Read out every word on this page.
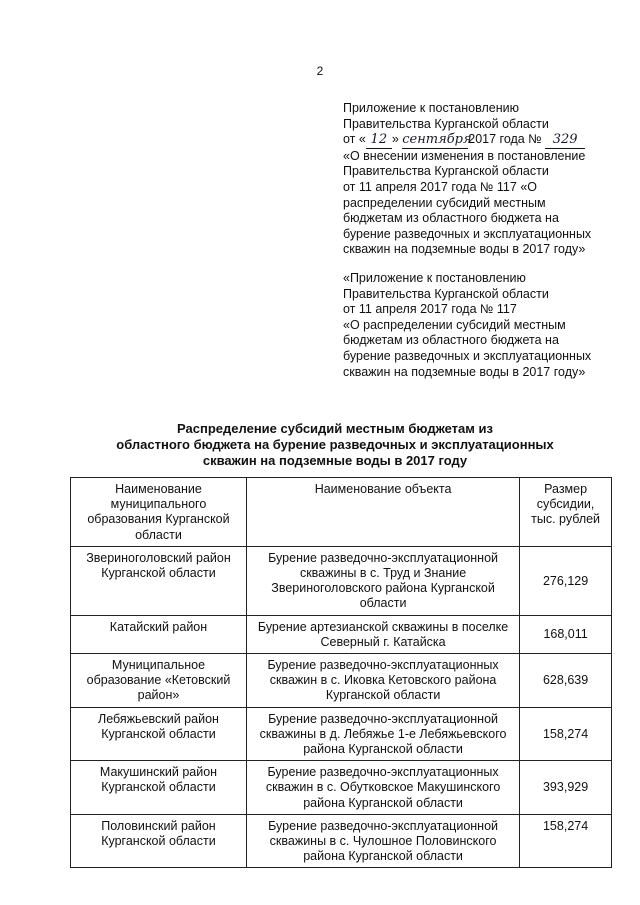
2
Приложение к постановлению
Правительства Курганской области
от « 12 » сентября2017 года № 329
«О внесении изменения в постановление
Правительства Курганской области
от 11 апреля 2017 года № 117 «О
распределении субсидий местным
бюджетам из областного бюджета на
бурение разведочных и эксплуатационных
скважин на подземные воды в 2017 году»
«Приложение к постановлению
Правительства Курганской области
от 11 апреля 2017 года № 117
«О распределении субсидий местным
бюджетам из областного бюджета на
бурение разведочных и эксплуатационных
скважин на подземные воды в 2017 году»
Распределение субсидий местным бюджетам из
областного бюджета на бурение разведочных и эксплуатационных
скважин на подземные воды в 2017 году
Наименование муниципального образования Курганской области	Наименование объекта	Размер субсидии, тыс. рублей
Звериноголовский район Курганской области	Бурение разведочно-эксплуатационной скважины в с. Труд и Знание Звериноголовского района Курганской области	276,129
Катайский район	Бурение артезианской скважины в поселке Северный г. Катайска	168,011
Муниципальное образование «Кетовский район»	Бурение разведочно-эксплуатационных скважин в с. Иковка Кетовского района Курганской области	628,639
Лебяжьевский район Курганской области	Бурение разведочно-эксплуатационной скважины в д. Лебяжье 1-е Лебяжьевского района Курганской области	158,274
Макушинский район Курганской области	Бурение разведочно-эксплуатационных скважин в с. Обутковское Макушинского района Курганской области	393,929
Половинский район Курганской области	Бурение разведочно-эксплуатационной скважины в с. Чулошное Половинского района Курганской области	158,274
